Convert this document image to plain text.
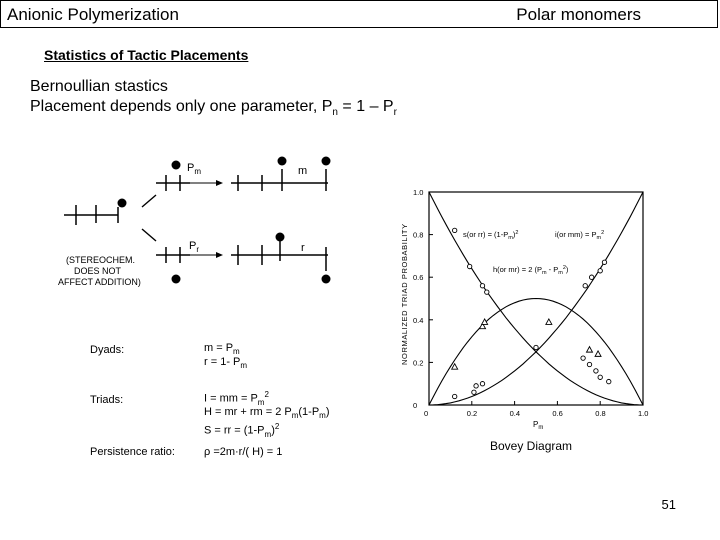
Anionic Polymerization	Polar monomers
Statistics of Tactic Placements
Bernoullian stastics
Placement depends only one parameter, $P_n = 1 - P_r$
$P_m$	m
$P_r$	r
(STEREOCHEM.
DOES NOT
AFFECT ADDITION)
Dyads:	$m = P_m$
r = 1- $P_m$
Triads:	I = mm = $P_m^2$
H = mr + rm = 2 $P_m(1-P_m)$
S = rr = $(1-P_m)^2$
Persistence ratio:	ρ =2m·r/( H) = 1
0
0.2
0.4
0.6
0.8
1.0
0	0.2	0.4	0.6	0.8	1.0
NORMALIZED TRIAD PROBABILITY
$P_m$
Bovey Diagram
s(or $rr) = (1-P_m)^2$	i(or $mm) = P_m^2$
h(or mr) = 2 $(P_m - P_m^2)$
51
